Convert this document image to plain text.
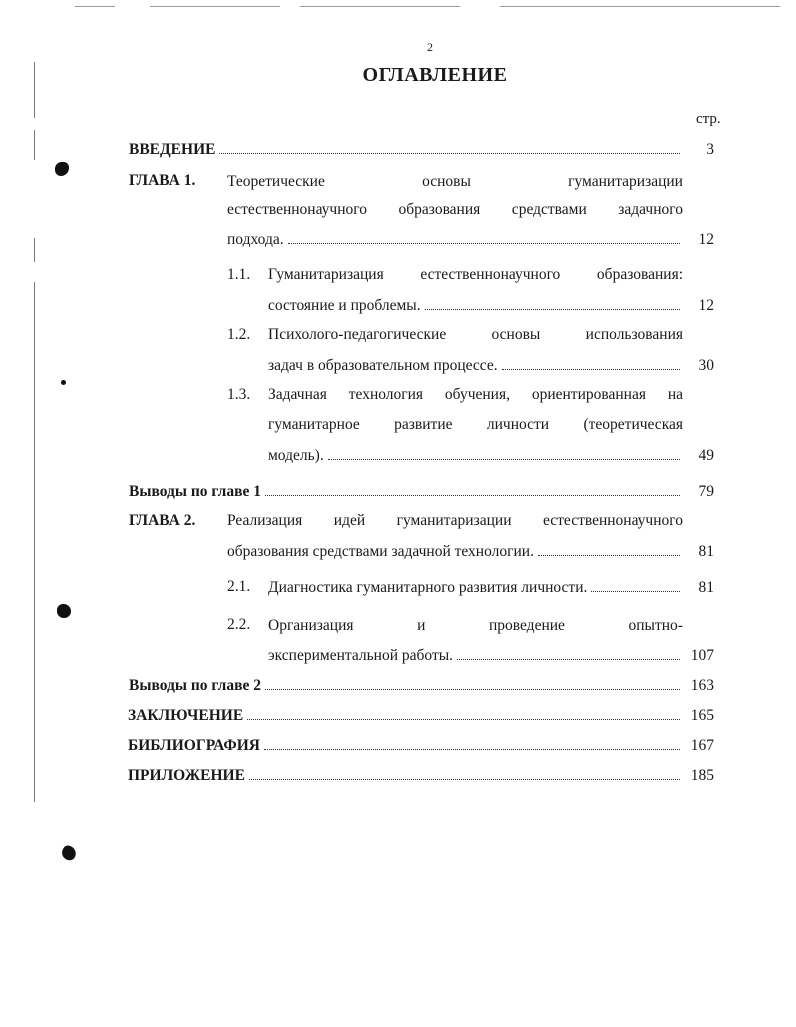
2
ОГЛАВЛЕНИЕ
стр.
ВВЕДЕНИЕ	3
ГЛАВА 1. Теоретические	основы	гуманитаризации
естественнонаучного образования средствами задачного
подхода.	12
1.1. Гуманитаризация естественнонаучного образования:
состояние и проблемы.	12
1.2. Психолого-педагогические основы использования
задач в образовательном процессе.	30
1.3. Задачная технология обучения, ориентированная на
гуманитарное развитие личности (теоретическая
модель).	49
Выводы по главе 1	79
ГЛАВА 2. Реализация идей гуманитаризации естественнонаучного
образования средствами задачной технологии.	81
2.1. Диагностика гуманитарного развития личности.	81
2.2. Организация	и	проведение	опытно-
экспериментальной работы.	107
Выводы по главе 2	163
ЗАКЛЮЧЕНИЕ	165
БИБЛИОГРАФИЯ	167
ПРИЛОЖЕНИЕ	185
